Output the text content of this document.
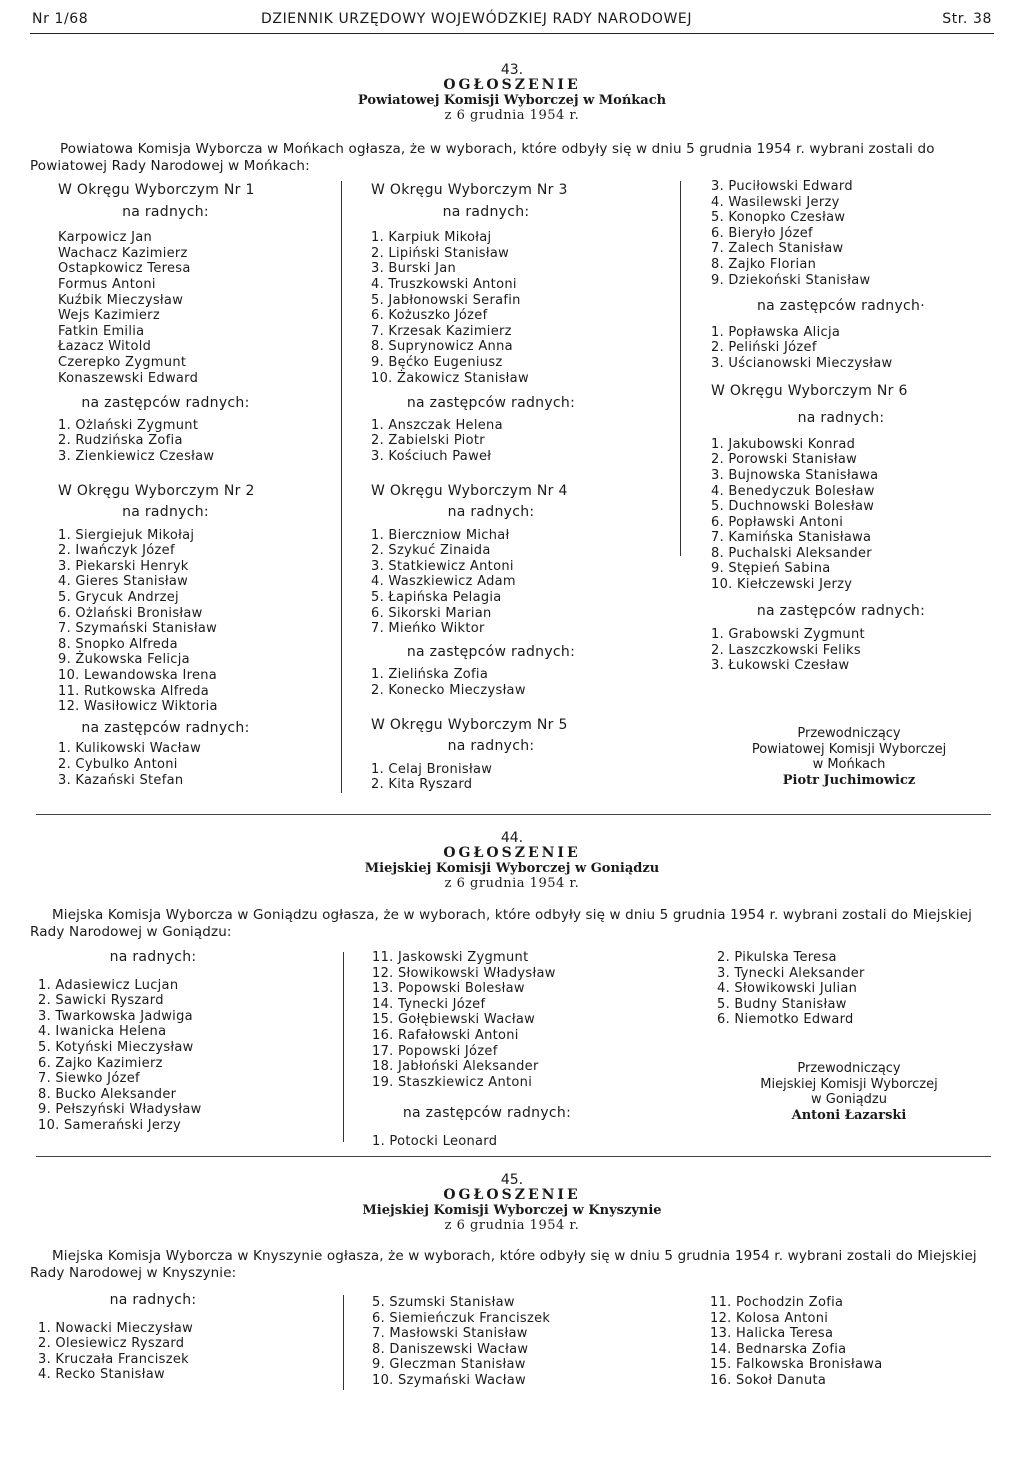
Nr 1/68	DZIENNIK URZĘDOWY WOJEWÓDZKIEJ RADY NARODOWEJ	Str. 38
43.
OGŁOSZENIE
Powiatowej Komisji Wyborczej w Mońkach
z 6 grudnia 1954 r.
Powiatowa Komisja Wyborcza w Mońkach ogłasza, że w wyborach, które odbyły się w dniu 5 grudnia 1954 r. wybrani zostali do Powiatowej Rady Narodowej w Mońkach:
W Okręgu Wyborczym Nr 1
na radnych:
Karpowicz Jan
Wachacz Kazimierz
Ostapkowicz Teresa
Formus Antoni
Kuźbik Mieczysław
Wejs Kazimierz
Fatkin Emilia
Łazacz Witold
Czerepko Zygmunt
Konaszewski Edward
na zastępców radnych:
1. Ożlański Zygmunt
2. Rudzińska Zofia
3. Zienkiewicz Czesław
W Okręgu Wyborczym Nr 2
na radnych:
1. Siergiejuk Mikołaj
2. Iwańczyk Józef
3. Piekarski Henryk
4. Gieres Stanisław
5. Grycuk Andrzej
6. Ożlański Bronisław
7. Szymański Stanisław
8. Snopko Alfreda
9. Żukowska Felicja
10. Lewandowska Irena
11. Rutkowska Alfreda
12. Wasiłowicz Wiktoria
na zastępców radnych:
1. Kulikowski Wacław
2. Cybulko Antoni
3. Kazański Stefan
W Okręgu Wyborczym Nr 3
na radnych:
1. Karpiuk Mikołaj
2. Lipiński Stanisław
3. Burski Jan
4. Truszkowski Antoni
5. Jabłonowski Serafin
6. Kożuszko Józef
7. Krzesak Kazimierz
8. Suprynowicz Anna
9. Bęćko Eugeniusz
10. Żakowicz Stanisław
na zastępców radnych:
1. Anszczak Helena
2. Zabielski Piotr
3. Kościuch Paweł
W Okręgu Wyborczym Nr 4
na radnych:
1. Bierczniow Michał
2. Szykuć Zinaida
3. Statkiewicz Antoni
4. Waszkiewicz Adam
5. Łapińska Pelagia
6. Sikorski Marian
7. Mieńko Wiktor
na zastępców radnych:
1. Zielińska Zofia
2. Konecko Mieczysław
W Okręgu Wyborczym Nr 5
na radnych:
1. Celaj Bronisław
2. Kita Ryszard
3. Puciłowski Edward
4. Wasilewski Jerzy
5. Konopko Czesław
6. Bieryło Józef
7. Zalech Stanisław
8. Zajko Florian
9. Dziekoński Stanisław
na zastępców radnych·
1. Popławska Alicja
2. Peliński Józef
3. Uścianowski Mieczysław
W Okręgu Wyborczym Nr 6
na radnych:
1. Jakubowski Konrad
2. Porowski Stanisław
3. Bujnowska Stanisława
4. Benedyczuk Bolesław
5. Duchnowski Bolesław
6. Popławski Antoni
7. Kamińska Stanisława
8. Puchalski Aleksander
9. Stępień Sabina
10. Kiełczewski Jerzy
na zastępców radnych:
1. Grabowski Zygmunt
2. Laszczkowski Feliks
3. Łukowski Czesław
Przewodniczący
Powiatowej Komisji Wyborczej
w Mońkach
Piotr Juchimowicz
44.
OGŁOSZENIE
Miejskiej Komisji Wyborczej w Goniądzu
z 6 grudnia 1954 r.
Miejska Komisja Wyborcza w Goniądzu ogłasza, że w wyborach, które odbyły się w dniu 5 grudnia 1954 r. wybrani zostali do Miejskiej Rady Narodowej w Goniądzu:
na radnych:
1. Adasiewicz Lucjan
2. Sawicki Ryszard
3. Twarkowska Jadwiga
4. Iwanicka Helena
5. Kotyński Mieczysław
6. Zajko Kazimierz
7. Siewko Józef
8. Bucko Aleksander
9. Pełszyński Władysław
10. Samerański Jerzy
11. Jaskowski Zygmunt
12. Słowikowski Władysław
13. Popowski Bolesław
14. Tynecki Józef
15. Gołębiewski Wacław
16. Rafałowski Antoni
17. Popowski Józef
18. Jabłoński Aleksander
19. Staszkiewicz Antoni
na zastępców radnych:
1. Potocki Leonard
2. Pikulska Teresa
3. Tynecki Aleksander
4. Słowikowski Julian
5. Budny Stanisław
6. Niemotko Edward
Przewodniczący
Miejskiej Komisji Wyborczej
w Goniądzu
Antoni Łazarski
45.
OGŁOSZENIE
Miejskiej Komisji Wyborczej w Knyszynie
z 6 grudnia 1954 r.
Miejska Komisja Wyborcza w Knyszynie ogłasza, że w wyborach, które odbyły się w dniu 5 grudnia 1954 r. wybrani zostali do Miejskiej Rady Narodowej w Knyszynie:
na radnych:
1. Nowacki Mieczysław
2. Olesiewicz Ryszard
3. Kruczała Franciszek
4. Recko Stanisław
5. Szumski Stanisław
6. Siemieńczuk Franciszek
7. Masłowski Stanisław
8. Daniszewski Wacław
9. Gleczman Stanisław
10. Szymański Wacław
11. Pochodzin Zofia
12. Kolosa Antoni
13. Halicka Teresa
14. Bednarska Zofia
15. Falkowska Bronisława
16. Sokoł Danuta
